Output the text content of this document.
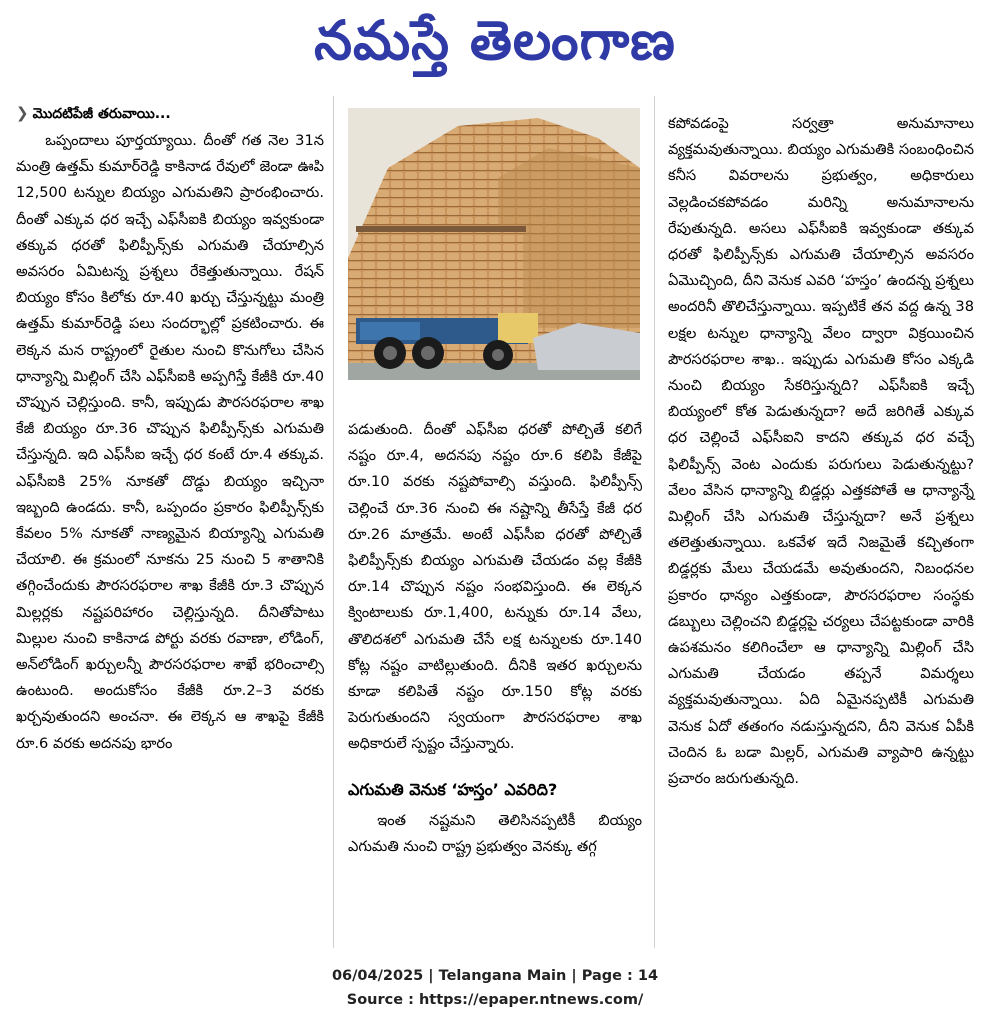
నమస్తే తెలంగాణ
❯ మొదటిపేజీ తరువాయి...

ఒప్పందాలు పూర్తయ్యాయి. దీంతో గత నెల 31న మంత్రి ఉత్తమ్ కుమార్‌రెడ్డి కాకినాడ రేవులో జెండా ఊపి 12,500 టన్నుల బియ్యం ఎగుమతిని ప్రారంభించారు. దీంతో ఎక్కువ ధర ఇచ్చే ఎఫ్‌సీఐకి బియ్యం ఇవ్వకుండా తక్కువ ధరతో ఫిలిప్పీన్స్‌కు ఎగుమతి చేయాల్సిన అవసరం ఏమిటన్న ప్రశ్నలు రేకెత్తుతున్నాయి. రేషన్ బియ్యం కోసం కిలోకు రూ.40 ఖర్చు చేస్తున్నట్టు మంత్రి ఉత్తమ్ కుమార్‌రెడ్డి పలు సందర్భాల్లో ప్రకటించారు. ఈ లెక్కన మన రాష్ట్రంలో రైతుల నుంచి కొనుగోలు చేసిన ధాన్యాన్ని మిల్లింగ్ చేసి ఎఫ్‌సీఐకి అప్పగిస్తే కేజీకి రూ.40 చొప్పున చెల్లిస్తుంది. కానీ, ఇప్పుడు పౌరసరఫరాల శాఖ కేజీ బియ్యం రూ.36 చొప్పున ఫిలిప్పీన్స్‌కు ఎగుమతి చేస్తున్నది. ఇది ఎఫ్‌సీఐ ఇచ్చే ధర కంటే రూ.4 తక్కువ. ఎఫ్‌సీఐకి 25% నూకతో దొడ్డు బియ్యం ఇచ్చినా ఇబ్బంది ఉండదు. కానీ, ఒప్పందం ప్రకారం ఫిలిప్పీన్స్‌కు కేవలం 5% నూకతో నాణ్యమైన బియ్యాన్ని ఎగుమతి చేయాలి. ఈ క్రమంలో నూకను 25 నుంచి 5 శాతానికి తగ్గించేందుకు పౌరసరఫరాల శాఖ కేజీకి రూ.3 చొప్పున మిల్లర్లకు నష్టపరిహారం చెల్లిస్తున్నది. దీనితోపాటు మిల్లుల నుంచి కాకినాడ పోర్టు వరకు రవాణా, లోడింగ్, అన్‌లోడింగ్ ఖర్చులన్నీ పౌరసరఫరాల శాఖే భరించాల్సి ఉంటుంది. అందుకోసం కేజీకి రూ.2–3 వరకు ఖర్చవుతుందని అంచనా. ఈ లెక్కన ఆ శాఖపై కేజీకి రూ.6 వరకు అదనపు భారం

పడుతుంది. దీంతో ఎఫ్‌సీఐ ధరతో పోల్చితే కలిగే నష్టం రూ.4, అదనపు నష్టం రూ.6 కలిపి కేజీపై రూ.10 వరకు నష్టపోవాల్సి వస్తుంది. ఫిలిప్పీన్స్ చెల్లించే రూ.36 నుంచి ఈ నష్టాన్ని తీసేస్తే కేజీ ధర రూ.26 మాత్రమే. అంటే ఎఫ్‌సీఐ ధరతో పోల్చితే ఫిలిప్పీన్స్‌కు బియ్యం ఎగుమతి చేయడం వల్ల కేజీకి రూ.14 చొప్పున నష్టం సంభవిస్తుంది. ఈ లెక్కన క్వింటాలుకు రూ.1,400, టన్నుకు రూ.14 వేలు, తొలిదశలో ఎగుమతి చేసే లక్ష టన్నులకు రూ.140 కోట్ల నష్టం వాటిల్లుతుంది. దీనికి ఇతర ఖర్చులను కూడా కలిపితే నష్టం రూ.150 కోట్ల వరకు పెరుగుతుందని స్వయంగా పౌరసరఫరాల శాఖ అధికారులే స్పష్టం చేస్తున్నారు.

ఎగుమతి వెనుక ‘హస్తం’ ఎవరిది?

ఇంత నష్టమని తెలిసినప్పటికీ బియ్యం ఎగుమతి నుంచి రాష్ట్ర ప్రభుత్వం వెనక్కు తగ్గ

కపోవడంపై సర్వత్రా అనుమానాలు వ్యక్తమవుతున్నాయి. బియ్యం ఎగుమతికి సంబంధించిన కనీస వివరాలను ప్రభుత్వం, అధికారులు వెల్లడించకపోవడం మరిన్ని అనుమానాలను రేపుతున్నది. అసలు ఎఫ్‌సీఐకి ఇవ్వకుండా తక్కువ ధరతో ఫిలిప్పీన్స్‌కు ఎగుమతి చేయాల్సిన అవసరం ఏమొచ్చింది, దీని వెనుక ఎవరి ‘హస్తం’ ఉందన్న ప్రశ్నలు అందరినీ తొలిచేస్తున్నాయి. ఇప్పటికే తన వద్ద ఉన్న 38 లక్షల టన్నుల ధాన్యాన్ని వేలం ద్వారా విక్రయించిన పౌరసరఫరాల శాఖ.. ఇప్పుడు ఎగుమతి కోసం ఎక్కడి నుంచి బియ్యం సేకరిస్తున్నది? ఎఫ్‌సీఐకి ఇచ్చే బియ్యంలో కోత పెడుతున్నదా? అదే జరిగితే ఎక్కువ ధర చెల్లించే ఎఫ్‌సీఐని కాదని తక్కువ ధర వచ్చే ఫిలిప్పీన్స్ వెంట ఎందుకు పరుగులు పెడుతున్నట్టు? వేలం వేసిన ధాన్యాన్ని బిడ్డర్లు ఎత్తకపోతే ఆ ధాన్యాన్నే మిల్లింగ్ చేసి ఎగుమతి చేస్తున్నదా? అనే ప్రశ్నలు తలెత్తుతున్నాయి. ఒకవేళ ఇదే నిజమైతే కచ్చితంగా బిడ్డర్లకు మేలు చేయడమే అవుతుందని, నిబంధనల ప్రకారం ధాన్యం ఎత్తకుండా, పౌరసరఫరాల సంస్థకు డబ్బులు చెల్లించని బిడ్డర్లపై చర్యలు చేపట్టకుండా వారికి ఉపశమనం కలిగించేలా ఆ ధాన్యాన్ని మిల్లింగ్ చేసి ఎగుమతి చేయడం తప్పనే విమర్శలు వ్యక్తమవుతున్నాయి. ఏది ఏమైనప్పటికీ ఎగుమతి వెనుక ఏదో తతంగం నడుస్తున్నదని, దీని వెనుక ఏపీకి చెందిన ఓ బడా మిల్లర్, ఎగుమతి వ్యాపారి ఉన్నట్టు ప్రచారం జరుగుతున్నది.

06/04/2025 | Telangana Main | Page : 14
Source : https://epaper.ntnews.com/
